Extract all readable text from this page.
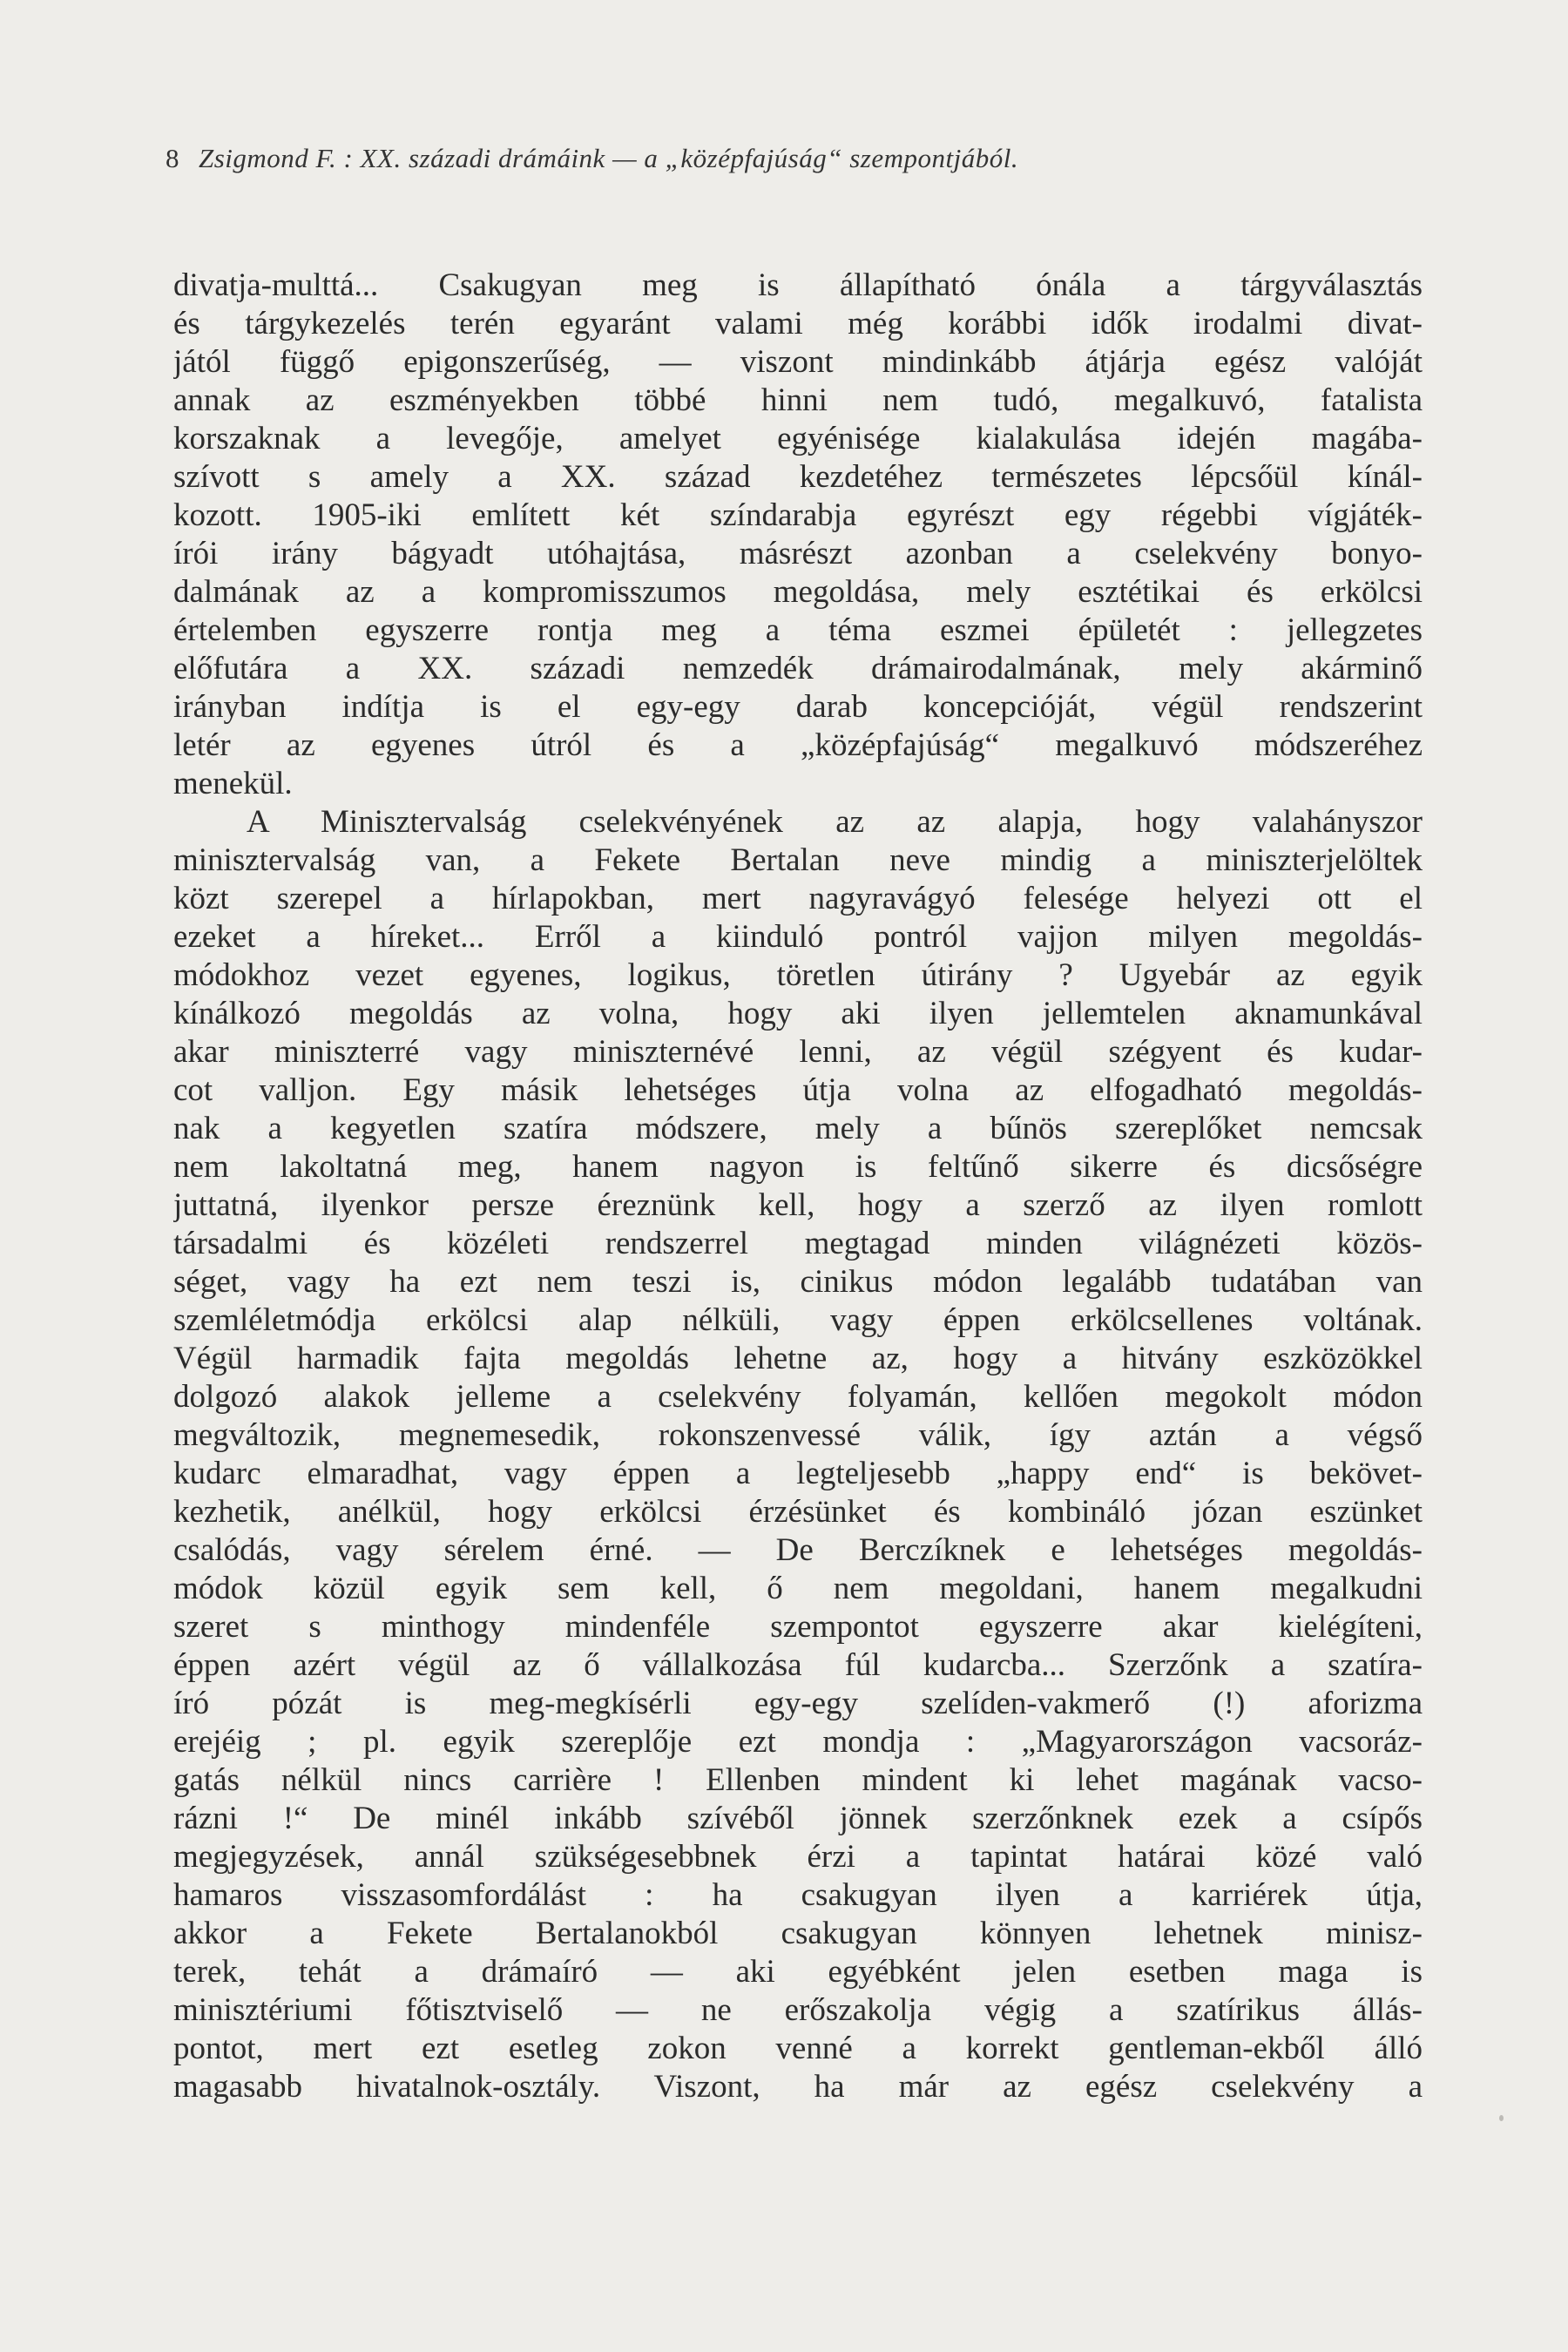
8 Zsigmond F. : XX. századi drámáink — a „középfajúság“ szempontjából.
divatja-multtá... Csakugyan meg is állapítható ónála a tárgyválasztás
és tárgykezelés terén egyaránt valami még korábbi idők irodalmi divat-
jától függő epigonszerűség, — viszont mindinkább átjárja egész valóját
annak az eszményekben többé hinni nem tudó, megalkuvó, fatalista
korszaknak a levegője, amelyet egyénisége kialakulása idején magába-
szívott s amely a XX. század kezdetéhez természetes lépcsőül kínál-
kozott. 1905-iki említett két színdarabja egyrészt egy régebbi vígjáték-
írói irány bágyadt utóhajtása, másrészt azonban a cselekvény bonyo-
dalmának az a kompromisszumos megoldása, mely esztétikai és erkölcsi
értelemben egyszerre rontja meg a téma eszmei épületét : jellegzetes
előfutára a XX. századi nemzedék drámairodalmának, mely akárminő
irányban indítja is el egy-egy darab koncepcióját, végül rendszerint
letér az egyenes útról és a „középfajúság“ megalkuvó módszeréhez
menekül.
A Minisztervalság cselekvényének az az alapja, hogy valahányszor
minisztervalság van, a Fekete Bertalan neve mindig a miniszterjelöltek
közt szerepel a hírlapokban, mert nagyravágyó felesége helyezi ott el
ezeket a híreket... Erről a kiinduló pontról vajjon milyen megoldás-
módokhoz vezet egyenes, logikus, töretlen útirány ? Ugyebár az egyik
kínálkozó megoldás az volna, hogy aki ilyen jellemtelen aknamunkával
akar miniszterré vagy miniszternévé lenni, az végül szégyent és kudar-
cot valljon. Egy másik lehetséges útja volna az elfogadható megoldás-
nak a kegyetlen szatíra módszere, mely a bűnös szereplőket nemcsak
nem lakoltatná meg, hanem nagyon is feltűnő sikerre és dicsőségre
juttatná, ilyenkor persze éreznünk kell, hogy a szerző az ilyen romlott
társadalmi és közéleti rendszerrel megtagad minden világnézeti közös-
séget, vagy ha ezt nem teszi is, cinikus módon legalább tudatában van
szemléletmódja erkölcsi alap nélküli, vagy éppen erkölcsellenes voltának.
Végül harmadik fajta megoldás lehetne az, hogy a hitvány eszközökkel
dolgozó alakok jelleme a cselekvény folyamán, kellően megokolt módon
megváltozik, megnemesedik, rokonszenvessé válik, így aztán a végső
kudarc elmaradhat, vagy éppen a legteljesebb „happy end“ is bekövet-
kezhetik, anélkül, hogy erkölcsi érzésünket és kombináló józan eszünket
csalódás, vagy sérelem érné. — De Berczíknek e lehetséges megoldás-
módok közül egyik sem kell, ő nem megoldani, hanem megalkudni
szeret s minthogy mindenféle szempontot egyszerre akar kielégíteni,
éppen azért végül az ő vállalkozása fúl kudarcba... Szerzőnk a szatíra-
író pózát is meg-megkísérli egy-egy szelíden-vakmerő (!) aforizma
erejéig ; pl. egyik szereplője ezt mondja : „Magyarországon vacsoráz-
gatás nélkül nincs carrière ! Ellenben mindent ki lehet magának vacso-
rázni !“ De minél inkább szívéből jönnek szerzőnknek ezek a csípős
megjegyzések, annál szükségesebbnek érzi a tapintat határai közé való
hamaros visszasomfordálást : ha csakugyan ilyen a karriérek útja,
akkor a Fekete Bertalanokból csakugyan könnyen lehetnek minisz-
terek, tehát a drámaíró — aki egyébként jelen esetben maga is
minisztériumi főtisztviselő — ne erőszakolja végig a szatírikus állás-
pontot, mert ezt esetleg zokon venné a korrekt gentleman-ekből álló
magasabb hivatalnok-osztály. Viszont, ha már az egész cselekvény a
